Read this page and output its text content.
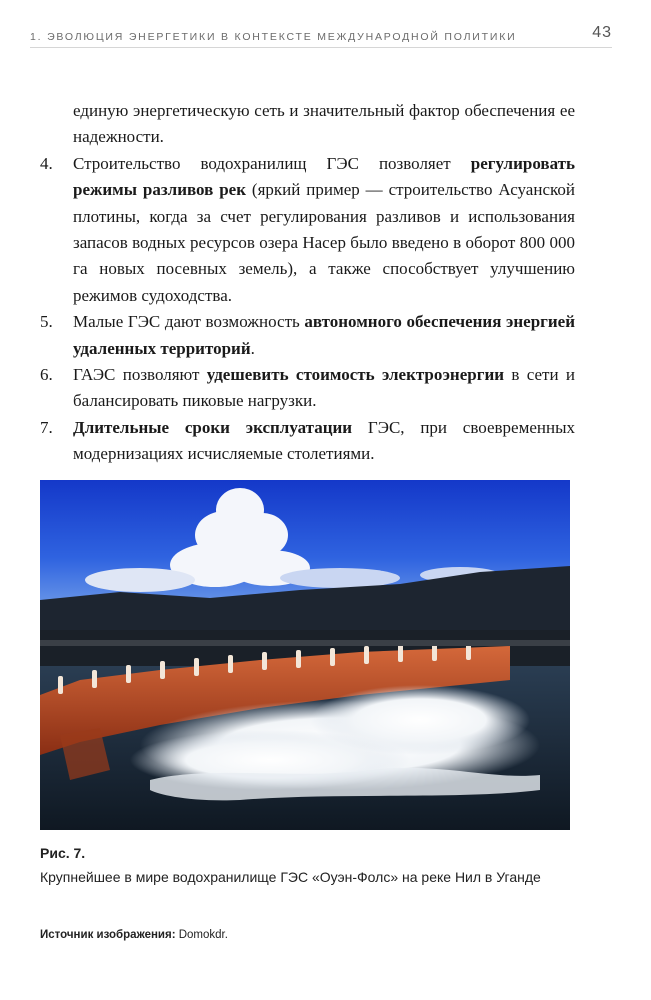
1. ЭВОЛЮЦИЯ ЭНЕРГЕТИКИ В КОНТЕКСТЕ МЕЖДУНАРОДНОЙ ПОЛИТИКИ	43
единую энергетическую сеть и значительный фактор обеспечения ее надежности.
4. Строительство водохранилищ ГЭС позволяет регулировать режимы разливов рек (яркий пример — строительство Асуанской плотины, когда за счет регулирования разливов и использования запасов водных ресурсов озера Насер было введено в оборот 800 000 га новых посевных земель), а также способствует улучшению режимов судоходства.
5. Малые ГЭС дают возможность автономного обеспечения энергией удаленных территорий.
6. ГАЭС позволяют удешевить стоимость электроэнергии в сети и балансировать пиковые нагрузки.
7. Длительные сроки эксплуатации ГЭС, при своевременных модернизациях исчисляемые столетиями.
Рис. 7.
Крупнейшее в мире водохранилище ГЭС «Оуэн-Фолс» на реке Нил в Уганде
Источник изображения: Domokdr.
